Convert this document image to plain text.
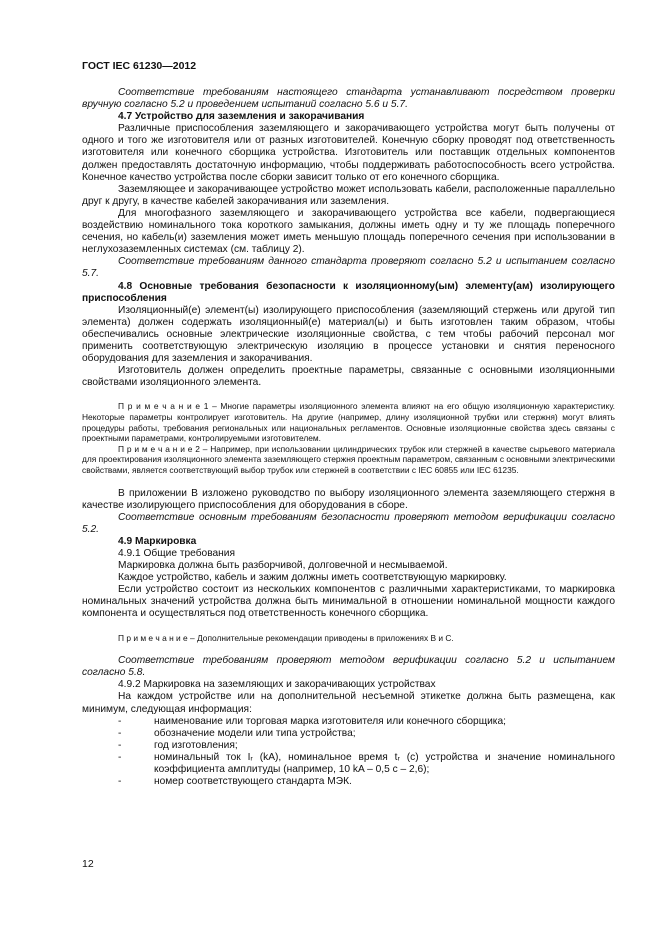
ГОСТ IEC 61230—2012

Соответствие требованиям настоящего стандарта устанавливают посредством проверки вручную согласно 5.2 и проведением испытаний согласно 5.6 и 5.7.

4.7 Устройство для заземления и закорачивания

Различные приспособления заземляющего и закорачивающего устройства могут быть получены от одного и того же изготовителя или от разных изготовителей. Конечную сборку проводят под ответственность изготовителя или конечного сборщика устройства. Изготовитель или поставщик отдельных компонентов должен предоставлять достаточную информацию, чтобы поддерживать работоспособность всего устройства. Конечное качество устройства после сборки зависит только от его конечного сборщика.

Заземляющее и закорачивающее устройство может использовать кабели, расположенные параллельно друг к другу, в качестве кабелей закорачивания или заземления.

Для многофазного заземляющего и закорачивающего устройства все кабели, подвергающиеся воздействию номинального тока короткого замыкания, должны иметь одну и ту же площадь поперечного сечения, но кабель(и) заземления может иметь меньшую площадь поперечного сечения при использовании в неглухозаземленных системах (см. таблицу 2).

Соответствие требованиям данного стандарта проверяют согласно 5.2 и испытанием согласно 5.7.

4.8 Основные требования безопасности к изоляционному(ым) элементу(ам) изолирующего приспособления

Изоляционный(е) элемент(ы) изолирующего приспособления (заземляющий стержень или другой тип элемента) должен содержать изоляционный(е) материал(ы) и быть изготовлен таким образом, чтобы обеспечивались основные электрические изоляционные свойства, с тем чтобы рабочий персонал мог применить соответствующую электрическую изоляцию в процессе установки и снятия переносного оборудования для заземления и закорачивания.

Изготовитель должен определить проектные параметры, связанные с основными изоляционными свойствами изоляционного элемента.

П р и м е ч а н и е 1 – Многие параметры изоляционного элемента влияют на его общую изоляционную характеристику. Некоторые параметры контролирует изготовитель. На другие (например, длину изоляционной трубки или стержня) могут влиять процедуры работы, требования региональных или национальных регламентов. Основные изоляционные свойства здесь связаны с проектными параметрами, контролируемыми изготовителем.

П р и м е ч а н и е 2 – Например, при использовании цилиндрических трубок или стержней в качестве сырьевого материала для проектирования изоляционного элемента заземляющего стержня проектным параметром, связанным с основными электрическими свойствами, является соответствующий выбор трубок или стержней в соответствии с IEC 60855 или IEC 61235.

В приложении В изложено руководство по выбору изоляционного элемента заземляющего стержня в качестве изолирующего приспособления для оборудования в сборе.

Соответствие основным требованиям безопасности проверяют методом верификации согласно 5.2.

4.9 Маркировка

4.9.1 Общие требования

Маркировка должна быть разборчивой, долговечной и несмываемой.

Каждое устройство, кабель и зажим должны иметь соответствующую маркировку.

Если устройство состоит из нескольких компонентов с различными характеристиками, то маркировка номинальных значений устройства должна быть минимальной в отношении номинальной мощности каждого компонента и осуществляться под ответственность конечного сборщика.

П р и м е ч а н и е – Дополнительные рекомендации приводены в приложениях В и С.

Соответствие требованиям проверяют методом верификации согласно 5.2 и испытанием согласно 5.8.

4.9.2 Маркировка на заземляющих и закорачивающих устройствах

На каждом устройстве или на дополнительной несъемной этикетке должна быть размещена, как минимум, следующая информация:

-	наименование или торговая марка изготовителя или конечного сборщика;
-	обозначение модели или типа устройства;
-	год изготовления;
-	номинальный ток Iᵣ (kA), номинальное время tᵣ (c) устройства и значение номинального коэффициента амплитуды (например, 10 kA – 0,5 c – 2,6);
-	номер соответствующего стандарта МЭК.
12
